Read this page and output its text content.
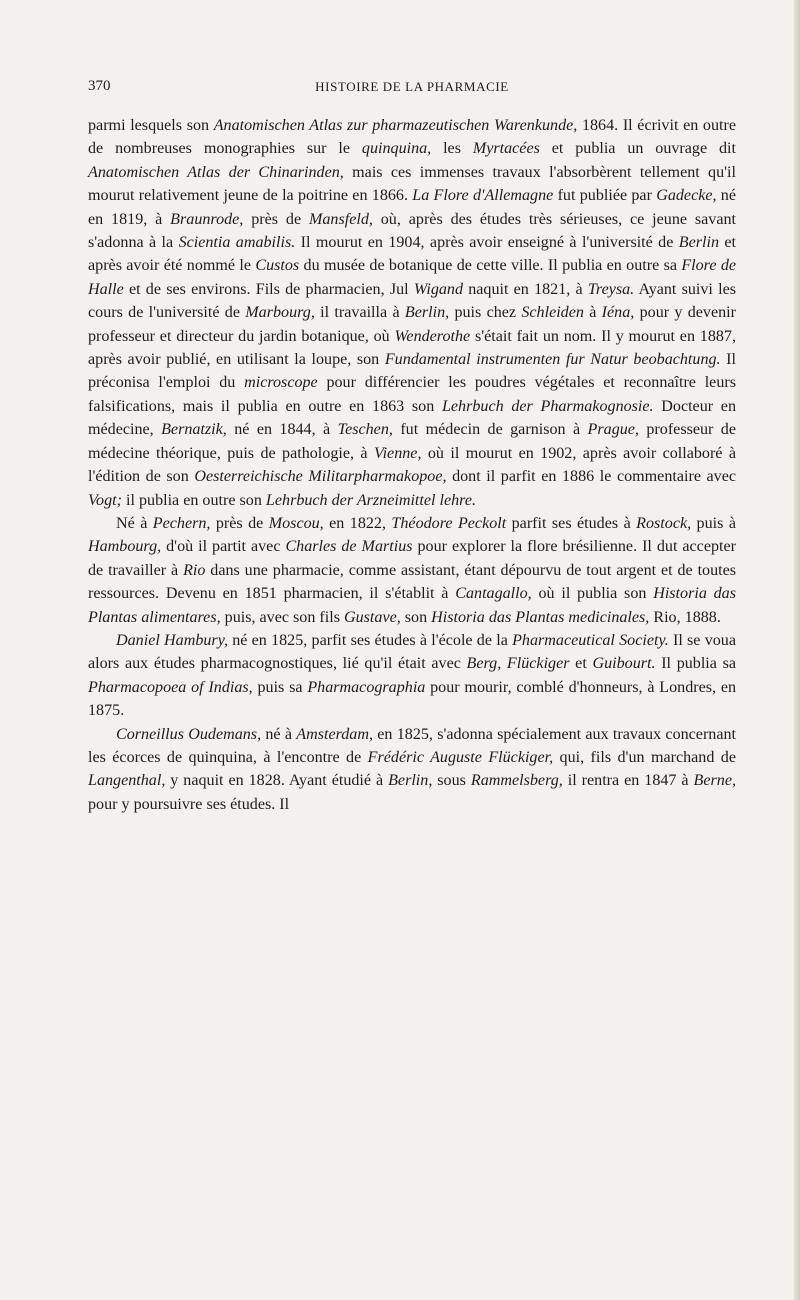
370	HISTOIRE DE LA PHARMACIE

parmi lesquels son Anatomischen Atlas zur pharmazeutischen Warenkunde, 1864. Il écrivit en outre de nombreuses monographies sur le quinquina, les Myrtacées et publia un ouvrage dit Anatomischen Atlas der Chinarinden, mais ces immenses travaux l'absorbèrent tellement qu'il mourut relativement jeune de la poitrine en 1866. La Flore d'Allemagne fut publiée par Gadecke, né en 1819, à Braunrode, près de Mansfeld, où, après des études très sérieuses, ce jeune savant s'adonna à la Scientia amabilis. Il mourut en 1904, après avoir enseigné à l'université de Berlin et après avoir été nommé le Custos du musée de botanique de cette ville. Il publia en outre sa Flore de Halle et de ses environs. Fils de pharmacien, Jul Wigand naquit en 1821, à Treysa. Ayant suivi les cours de l'université de Marbourg, il travailla à Berlin, puis chez Schleiden à Iéna, pour y devenir professeur et directeur du jardin botanique, où Wenderothe s'était fait un nom. Il y mourut en 1887, après avoir publié, en utilisant la loupe, son Fundamental instrumenten fur Natur beobachtung. Il préconisa l'emploi du microscope pour différencier les poudres végétales et reconnaître leurs falsifications, mais il publia en outre en 1863 son Lehrbuch der Pharmakognosie. Docteur en médecine, Bernatzik, né en 1844, à Teschen, fut médecin de garnison à Prague, professeur de médecine théorique, puis de pathologie, à Vienne, où il mourut en 1902, après avoir collaboré à l'édition de son Oesterreichische Militarpharmakopoe, dont il parfit en 1886 le commentaire avec Vogt; il publia en outre son Lehrbuch der Arzneimittel lehre.

Né à Pechern, près de Moscou, en 1822, Théodore Peckolt parfit ses études à Rostock, puis à Hambourg, d'où il partit avec Charles de Martius pour explorer la flore brésilienne. Il dut accepter de travailler à Rio dans une pharmacie, comme assistant, étant dépourvu de tout argent et de toutes ressources. Devenu en 1851 pharmacien, il s'établit à Cantagallo, où il publia son Historia das Plantas alimentares, puis, avec son fils Gustave, son Historia das Plantas medicinales, Rio, 1888.

Daniel Hambury, né en 1825, parfit ses études à l'école de la Pharmaceutical Society. Il se voua alors aux études pharmacognostiques, lié qu'il était avec Berg, Flückiger et Guibourt. Il publia sa Pharmacopoea of Indias, puis sa Pharmacographia pour mourir, comblé d'honneurs, à Londres, en 1875.

Corneillus Oudemans, né à Amsterdam, en 1825, s'adonna spécialement aux travaux concernant les écorces de quinquina, à l'encontre de Frédéric Auguste Flückiger, qui, fils d'un marchand de Langenthal, y naquit en 1828. Ayant étudié à Berlin, sous Rammelsberg, il rentra en 1847 à Berne, pour y poursuivre ses études. Il
